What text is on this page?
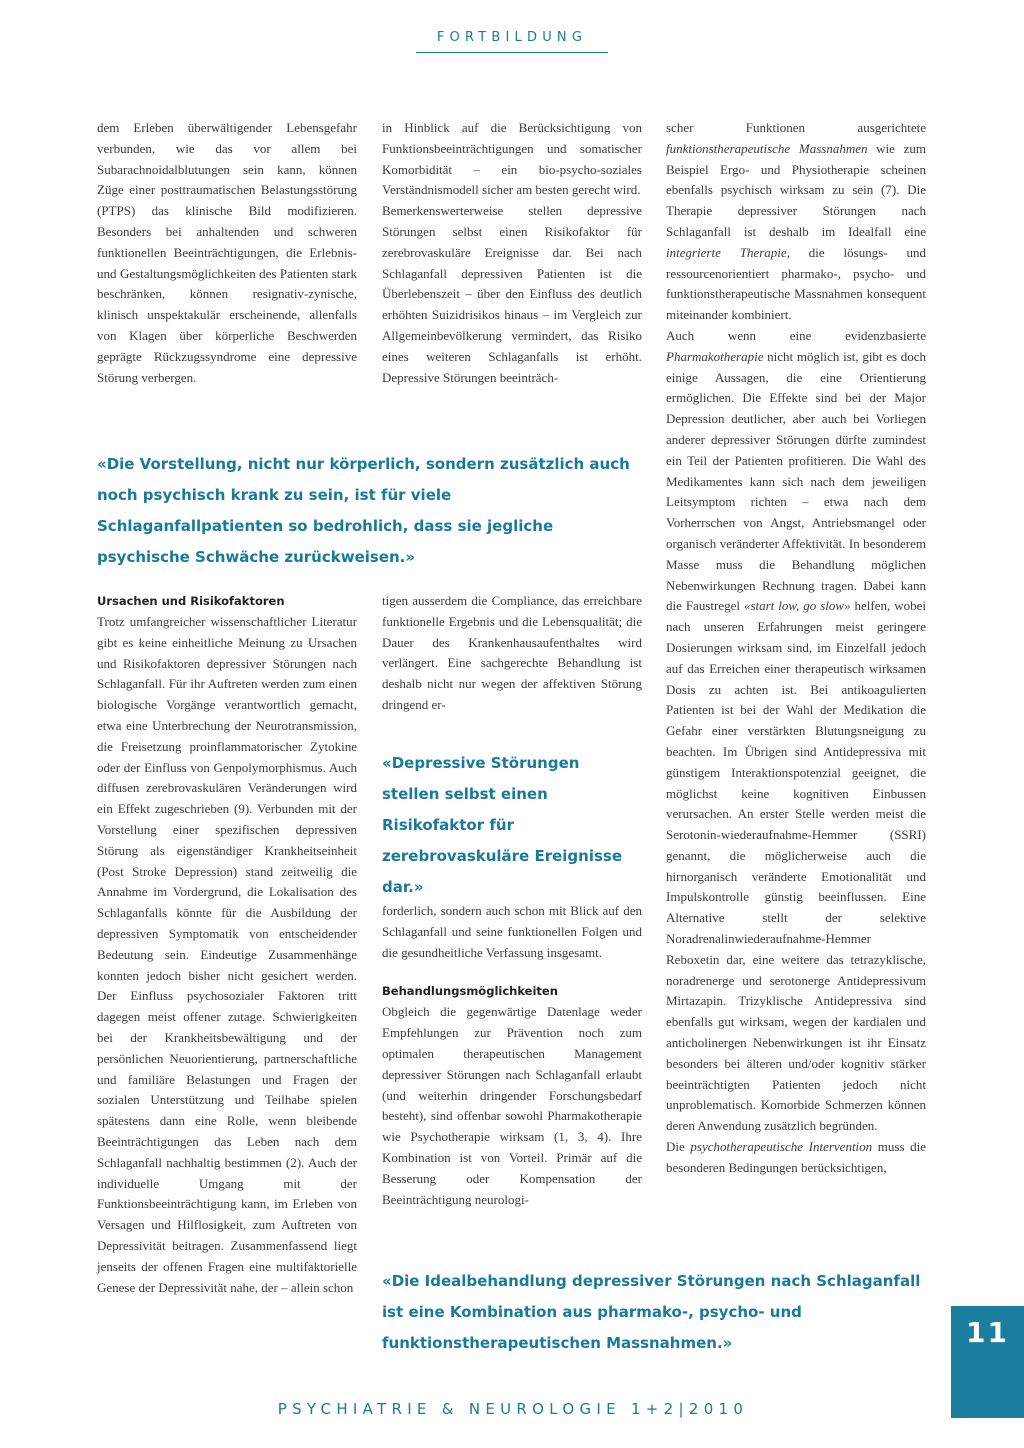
FORTBILDUNG

dem Erleben überwältigender Lebensgefahr verbunden, wie das vor allem bei Subarachnoidalblutungen sein kann, können Züge einer posttraumatischen Belastungsstörung (PTPS) das klinische Bild modifizieren. Besonders bei anhaltenden und schweren funktionellen Beeinträchtigungen, die Erlebnis- und Gestaltungsmöglichkeiten des Patienten stark beschränken, können resignativ-zynische, klinisch unspektakulär erscheinende, allenfalls von Klagen über körperliche Beschwerden geprägte Rückzugssyndrome eine depressive Störung verbergen.

in Hinblick auf die Berücksichtigung von Funktionsbeeinträchtigungen und somatischer Komorbidität – ein bio-psycho-soziales Verständnismodell sicher am besten gerecht wird.

Bemerkenswerterweise stellen depressive Störungen selbst einen Risikofaktor für zerebrovaskuläre Ereignisse dar. Bei nach Schlaganfall depressiven Patienten ist die Überlebenszeit – über den Einfluss des deutlich erhöhten Suizidrisikos hinaus – im Vergleich zur Allgemeinbevölkerung vermindert, das Risiko eines weiteren Schlaganfalls ist erhöht. Depressive Störungen beeinträch-

scher Funktionen ausgerichtete funktionstherapeutische Massnahmen wie zum Beispiel Ergo- und Physiotherapie scheinen ebenfalls psychisch wirksam zu sein (7). Die Therapie depressiver Störungen nach Schlaganfall ist deshalb im Idealfall eine integrierte Therapie, die lösungs- und ressourcenorientiert pharmako-, psycho- und funktionstherapeutische Massnahmen konsequent miteinander kombiniert.

Auch wenn eine evidenzbasierte Pharmakotherapie nicht möglich ist, gibt es doch einige Aussagen, die eine Orientierung ermöglichen. Die Effekte sind bei der Major Depression deutlicher, aber auch bei Vorliegen anderer depressiver Störungen dürfte zumindest ein Teil der Patienten profitieren. Die Wahl des Medikamentes kann sich nach dem jeweiligen Leitsymptom richten – etwa nach dem Vorherrschen von Angst, Antriebsmangel oder organisch veränderter Affektivität. In besonderem Masse muss die Behandlung möglichen Nebenwirkungen Rechnung tragen. Dabei kann die Faustregel «start low, go slow» helfen, wobei nach unseren Erfahrungen meist geringere Dosierungen wirksam sind, im Einzelfall jedoch auf das Erreichen einer therapeutisch wirksamen Dosis zu achten ist. Bei antikoagulierten Patienten ist bei der Wahl der Medikation die Gefahr einer verstärkten Blutungsneigung zu beachten. Im Übrigen sind Antidepressiva mit günstigem Interaktionspotenzial geeignet, die möglichst keine kognitiven Einbussen verursachen. An erster Stelle werden meist die Serotonin-wiederaufnahme-Hemmer (SSRI) genannt, die möglicherweise auch die hirnorganisch veränderte Emotionalität und Impulskontrolle günstig beeinflussen. Eine Alternative stellt der selektive Noradrenalinwiederaufnahme-Hemmer Reboxetin dar, eine weitere das tetrazyklische, noradrenerge und serotonerge Antidepressivum Mirtazapin. Trizyklische Antidepressiva sind ebenfalls gut wirksam, wegen der kardialen und anticholinergen Nebenwirkungen ist ihr Einsatz besonders bei älteren und/oder kognitiv stärker beeinträchtigten Patienten jedoch nicht unproblematisch. Komorbide Schmerzen können deren Anwendung zusätzlich begründen.

Die psychotherapeutische Intervention muss die besonderen Bedingungen berücksichtigen,

«Die Vorstellung, nicht nur körperlich, sondern zusätzlich auch noch psychisch krank zu sein, ist für viele Schlaganfallpatienten so bedrohlich, dass sie jegliche psychische Schwäche zurückweisen.»

Ursachen und Risikofaktoren

Trotz umfangreicher wissenschaftlicher Literatur gibt es keine einheitliche Meinung zu Ursachen und Risikofaktoren depressiver Störungen nach Schlaganfall. Für ihr Auftreten werden zum einen biologische Vorgänge verantwortlich gemacht, etwa eine Unterbrechung der Neurotransmission, die Freisetzung proinflammatorischer Zytokine oder der Einfluss von Genpolymorphismus. Auch diffusen zerebrovaskulären Veränderungen wird ein Effekt zugeschrieben (9). Verbunden mit der Vorstellung einer spezifischen depressiven Störung als eigenständiger Krankheitseinheit (Post Stroke Depression) stand zeitweilig die Annahme im Vordergrund, die Lokalisation des Schlaganfalls könnte für die Ausbildung der depressiven Symptomatik von entscheidender Bedeutung sein. Eindeutige Zusammenhänge konnten jedoch bisher nicht gesichert werden. Der Einfluss psychosozialer Faktoren tritt dagegen meist offener zutage. Schwierigkeiten bei der Krankheitsbewältigung und der persönlichen Neuorientierung, partnerschaftliche und familiäre Belastungen und Fragen der sozialen Unterstützung und Teilhabe spielen spätestens dann eine Rolle, wenn bleibende Beeinträchtigungen das Leben nach dem Schlaganfall nachhaltig bestimmen (2). Auch der individuelle Umgang mit der Funktionsbeeinträchtigung kann, im Erleben von Versagen und Hilflosigkeit, zum Auftreten von Depressivität beitragen. Zusammenfassend liegt jenseits der offenen Fragen eine multifaktorielle Genese der Depressivität nahe, der – allein schon

tigen ausserdem die Compliance, das erreichbare funktionelle Ergebnis und die Lebensqualität; die Dauer des Krankenhausaufenthaltes wird verlängert. Eine sachgerechte Behandlung ist deshalb nicht nur wegen der affektiven Störung dringend er-

«Depressive Störungen stellen selbst einen Risikofaktor für zerebrovaskuläre Ereignisse dar.»

forderlich, sondern auch schon mit Blick auf den Schlaganfall und seine funktionellen Folgen und die gesundheitliche Verfassung insgesamt.

Behandlungsmöglichkeiten

Obgleich die gegenwärtige Datenlage weder Empfehlungen zur Prävention noch zum optimalen therapeutischen Management depressiver Störungen nach Schlaganfall erlaubt (und weiterhin dringender Forschungsbedarf besteht), sind offenbar sowohl Pharmakotherapie wie Psychotherapie wirksam (1, 3, 4). Ihre Kombination ist von Vorteil. Primär auf die Besserung oder Kompensation der Beeinträchtigung neurologi-

«Die Idealbehandlung depressiver Störungen nach Schlaganfall ist eine Kombination aus pharmako-, psycho- und funktionstherapeutischen Massnahmen.»

PSYCHIATRIE & NEUROLOGIE 1+2|2010
11
